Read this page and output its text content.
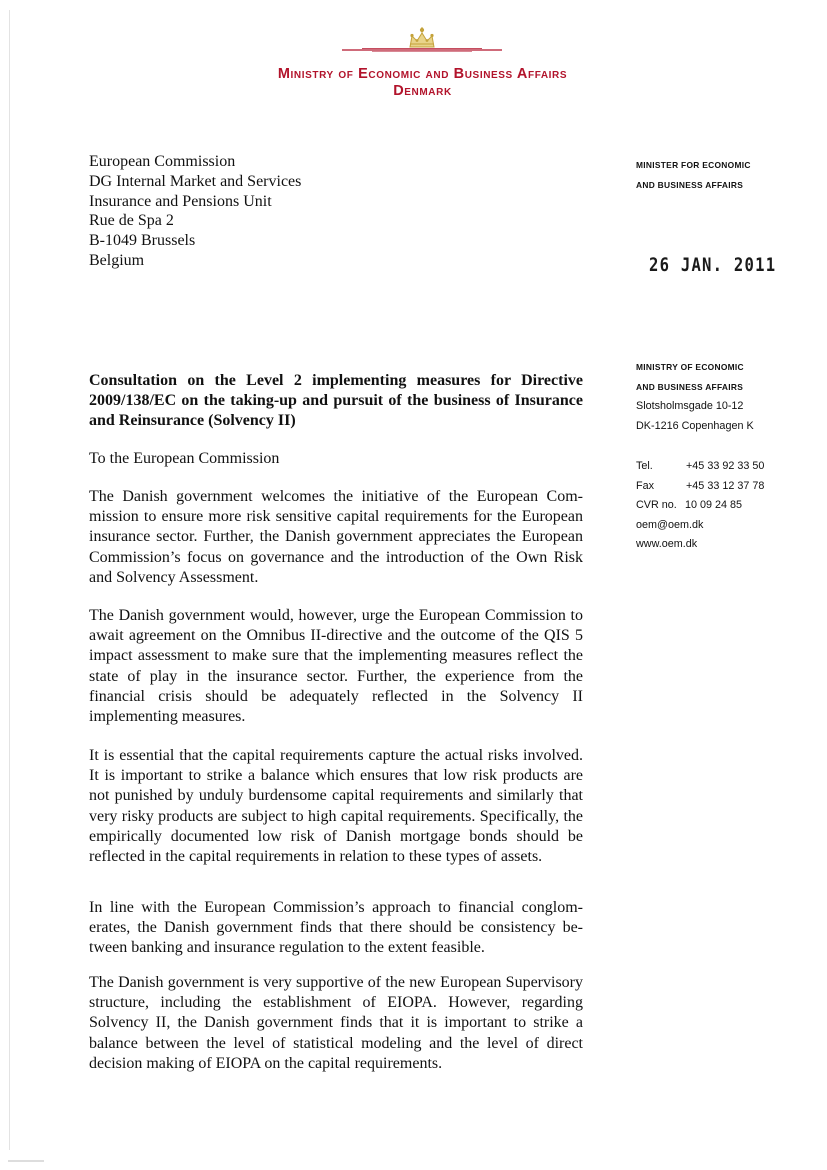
Ministry of Economic and Business Affairs
Denmark
European Commission
DG Internal Market and Services
Insurance and Pensions Unit
Rue de Spa 2
B-1049 Brussels
Belgium
MINISTER FOR ECONOMIC
AND BUSINESS AFFAIRS
26 JAN. 2011
MINISTRY OF ECONOMIC
AND BUSINESS AFFAIRS
Slotsholmsgade 10-12
DK-1216 Copenhagen K
Tel.	+45 33 92 33 50
Fax	+45 33 12 37 78
CVR no. 10 09 24 85
oem@oem.dk
www.oem.dk
Consultation on the Level 2 implementing measures for Directive 2009/138/EC on the taking-up and pursuit of the business of Insurance and Reinsurance (Solvency II)
To the European Commission
The Danish government welcomes the initiative of the European Commission to ensure more risk sensitive capital requirements for the European insurance sector. Further, the Danish government appreciates the European Commission’s focus on governance and the introduction of the Own Risk and Solvency Assessment.
The Danish government would, however, urge the European Commission to await agreement on the Omnibus II-directive and the outcome of the QIS 5 impact assessment to make sure that the implementing measures reflect the state of play in the insurance sector. Further, the experience from the financial crisis should be adequately reflected in the Solvency II implementing measures.
It is essential that the capital requirements capture the actual risks involved. It is important to strike a balance which ensures that low risk products are not punished by unduly burdensome capital requirements and similarly that very risky products are subject to high capital requirements. Specifically, the empirically documented low risk of Danish mortgage bonds should be reflected in the capital requirements in relation to these types of assets.
In line with the European Commission’s approach to financial conglomerates, the Danish government finds that there should be consistency between banking and insurance regulation to the extent feasible.
The Danish government is very supportive of the new European Supervisory structure, including the establishment of EIOPA. However, regarding Solvency II, the Danish government finds that it is important to strike a balance between the level of statistical modeling and the level of direct decision making of EIOPA on the capital requirements.
